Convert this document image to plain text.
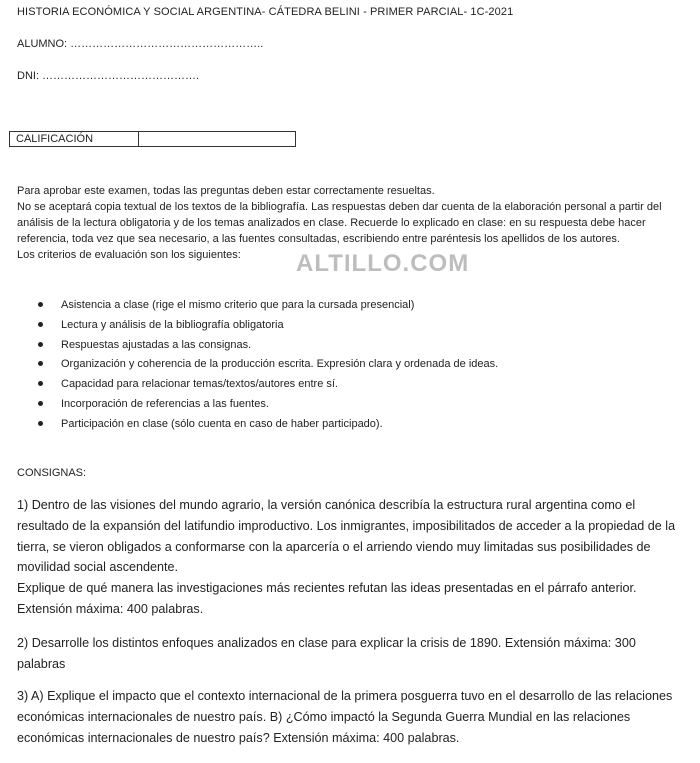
HISTORIA ECONÓMICA Y SOCIAL ARGENTINA- CÁTEDRA BELINI - PRIMER PARCIAL- 1C-2021
ALUMNO: ……………………………………………..
DNI: …………………………………….
CALIFICACIÓN

Para aprobar este examen, todas las preguntas deben estar correctamente resueltas.

No se aceptará copia textual de los textos de la bibliografía. Las respuestas deben dar cuenta de la elaboración personal a partir del análisis de la lectura obligatoria y de los temas analizados en clase. Recuerde lo explicado en clase: en su respuesta debe hacer referencia, toda vez que sea necesario, a las fuentes consultadas, escribiendo entre paréntesis los apellidos de los autores.

Los criterios de evaluación son los siguientes:	ALTILLO.COM
Asistencia a clase (rige el mismo criterio que para la cursada presencial)
Lectura y análisis de la bibliografía obligatoria
Respuestas ajustadas a las consignas.
Organización y coherencia de la producción escrita. Expresión clara y ordenada de ideas.
Capacidad para relacionar temas/textos/autores entre sí.
Incorporación de referencias a las fuentes.
Participación en clase (sólo cuenta en caso de haber participado).
CONSIGNAS:

1) Dentro de las visiones del mundo agrario, la versión canónica describía la estructura rural argentina como el resultado de la expansión del latifundio improductivo. Los inmigrantes, imposibilitados de acceder a la propiedad de la tierra, se vieron obligados a conformarse con la aparcería o el arriendo viendo muy limitadas sus posibilidades de movilidad social ascendente.

Explique de qué manera las investigaciones más recientes refutan las ideas presentadas en el párrafo anterior. Extensión máxima: 400 palabras.

2) Desarrolle los distintos enfoques analizados en clase para explicar la crisis de 1890. Extensión máxima: 300 palabras

3) A) Explique el impacto que el contexto internacional de la primera posguerra tuvo en el desarrollo de las relaciones económicas internacionales de nuestro país. B) ¿Cómo impactó la Segunda Guerra Mundial en las relaciones económicas internacionales de nuestro país? Extensión máxima: 400 palabras.
